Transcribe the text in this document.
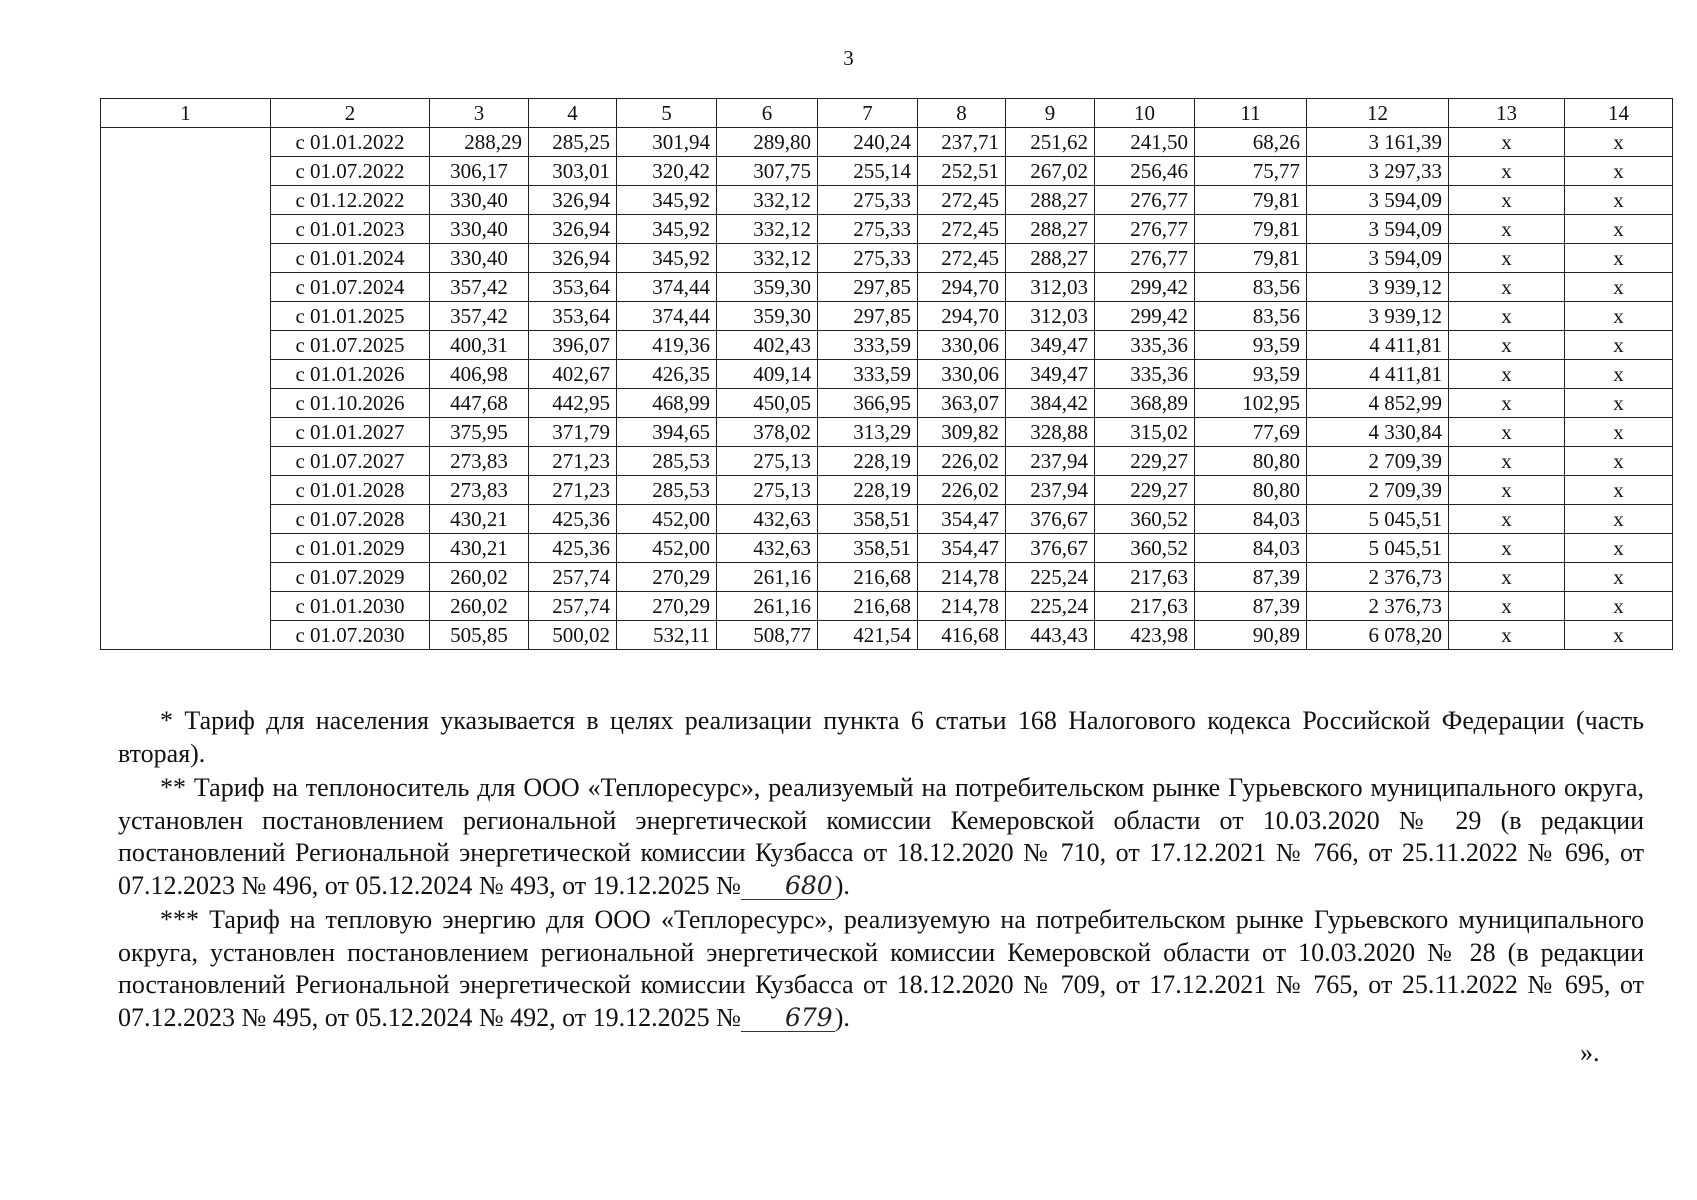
3
1	2	3	4	5	6	7	8	9	10	11	12	13	14
	с 01.01.2022	288,29	285,25	301,94	289,80	240,24	237,71	251,62	241,50	68,26	3 161,39	x	x
	с 01.07.2022	306,17	303,01	320,42	307,75	255,14	252,51	267,02	256,46	75,77	3 297,33	x	x
	с 01.12.2022	330,40	326,94	345,92	332,12	275,33	272,45	288,27	276,77	79,81	3 594,09	x	x
	с 01.01.2023	330,40	326,94	345,92	332,12	275,33	272,45	288,27	276,77	79,81	3 594,09	x	x
	с 01.01.2024	330,40	326,94	345,92	332,12	275,33	272,45	288,27	276,77	79,81	3 594,09	x	x
	с 01.07.2024	357,42	353,64	374,44	359,30	297,85	294,70	312,03	299,42	83,56	3 939,12	x	x
	с 01.01.2025	357,42	353,64	374,44	359,30	297,85	294,70	312,03	299,42	83,56	3 939,12	x	x
	с 01.07.2025	400,31	396,07	419,36	402,43	333,59	330,06	349,47	335,36	93,59	4 411,81	x	x
	с 01.01.2026	406,98	402,67	426,35	409,14	333,59	330,06	349,47	335,36	93,59	4 411,81	x	x
	с 01.10.2026	447,68	442,95	468,99	450,05	366,95	363,07	384,42	368,89	102,95	4 852,99	x	x
	с 01.01.2027	375,95	371,79	394,65	378,02	313,29	309,82	328,88	315,02	77,69	4 330,84	x	x
	с 01.07.2027	273,83	271,23	285,53	275,13	228,19	226,02	237,94	229,27	80,80	2 709,39	x	x
	с 01.01.2028	273,83	271,23	285,53	275,13	228,19	226,02	237,94	229,27	80,80	2 709,39	x	x
	с 01.07.2028	430,21	425,36	452,00	432,63	358,51	354,47	376,67	360,52	84,03	5 045,51	x	x
	с 01.01.2029	430,21	425,36	452,00	432,63	358,51	354,47	376,67	360,52	84,03	5 045,51	x	x
	с 01.07.2029	260,02	257,74	270,29	261,16	216,68	214,78	225,24	217,63	87,39	2 376,73	x	x
	с 01.01.2030	260,02	257,74	270,29	261,16	216,68	214,78	225,24	217,63	87,39	2 376,73	x	x
	с 01.07.2030	505,85	500,02	532,11	508,77	421,54	416,68	443,43	423,98	90,89	6 078,20	x	x

* Тариф для населения указывается в целях реализации пункта 6 статьи 168 Налогового кодекса Российской Федерации (часть вторая).

** Тариф на теплоноситель для ООО «Теплоресурс», реализуемый на потребительском рынке Гурьевского муниципального округа, установлен постановлением региональной энергетической комиссии Кемеровской области от 10.03.2020 № 29 (в редакции постановлений Региональной энергетической комиссии Кузбасса от 18.12.2020 № 710, от 17.12.2021 № 766, от 25.11.2022 № 696, от 07.12.2023 № 496, от 05.12.2024 № 493, от 19.12.2025 № 680).

*** Тариф на тепловую энергию для ООО «Теплоресурс», реализуемую на потребительском рынке Гурьевского муниципального округа, установлен постановлением региональной энергетической комиссии Кемеровской области от 10.03.2020 № 28 (в редакции постановлений Региональной энергетической комиссии Кузбасса от 18.12.2020 № 709, от 17.12.2021 № 765, от 25.11.2022 № 695, от 07.12.2023 № 495, от 05.12.2024 № 492, от 19.12.2025 № 679).

».
